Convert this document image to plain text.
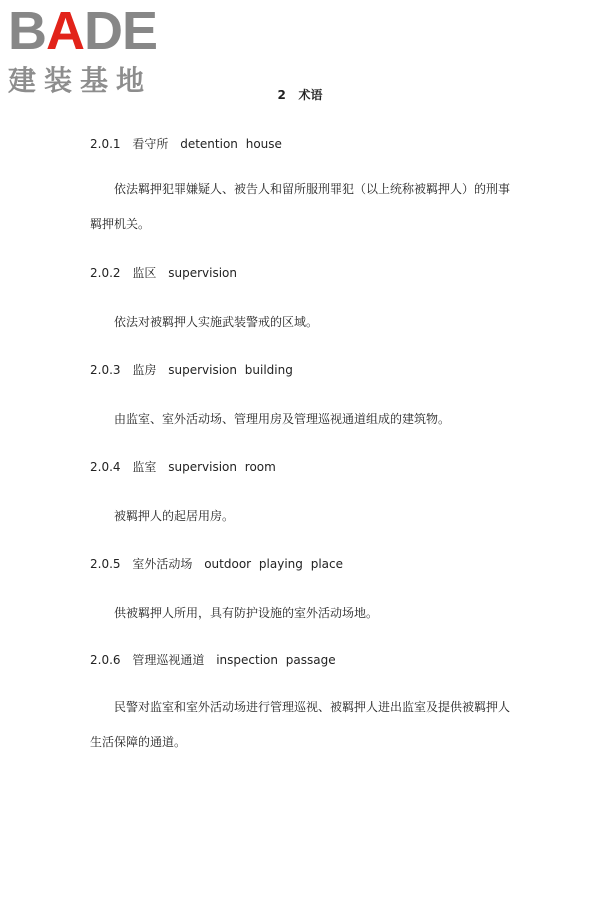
BADE
建装基地	2 术语
2.0.1 看守所 detention house
依法羁押犯罪嫌疑人、被告人和留所服刑罪犯（以上统称被羁押人）的刑事羁押机关。
2.0.2 监区 supervision
依法对被羁押人实施武装警戒的区域。
2.0.3 监房 supervision building
由监室、室外活动场、管理用房及管理巡视通道组成的建筑物。
2.0.4 监室 supervision room
被羁押人的起居用房。
2.0.5 室外活动场 outdoor playing place
供被羁押人所用，具有防护设施的室外活动场地。
2.0.6 管理巡视通道 inspection passage
民警对监室和室外活动场进行管理巡视、被羁押人进出监室及提供被羁押人生活保障的通道。
